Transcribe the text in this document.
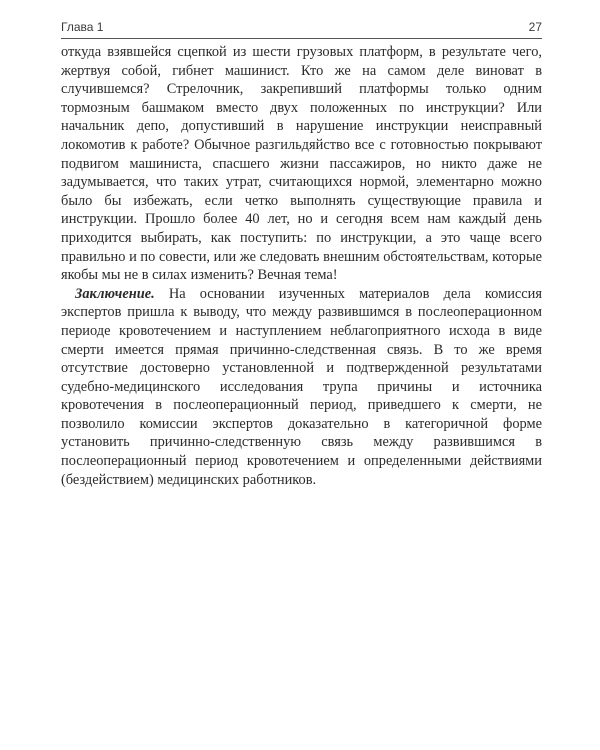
Глава 1	27

откуда взявшейся сцепкой из шести грузовых платформ, в результате чего, жертвуя собой, гибнет машинист. Кто же на самом деле виноват в случившемся? Стрелочник, закрепивший платформы только одним тормозным башмаком вместо двух положенных по инструкции? Или начальник депо, допустивший в нарушение инструкции неисправный локомотив к работе? Обычное разгильдяйство все с готовностью покрывают подвигом машиниста, спасшего жизни пассажиров, но никто даже не задумывается, что таких утрат, считающихся нормой, элементарно можно было бы избежать, если четко выполнять существующие правила и инструкции. Прошло более 40 лет, но и сегодня всем нам каждый день приходится выбирать, как поступить: по инструкции, а это чаще всего правильно и по совести, или же следовать внешним обстоятельствам, которые якобы мы не в силах изменить? Вечная тема!

Заключение. На основании изученных материалов дела комиссия экспертов пришла к выводу, что между развившимся в послеоперационном периоде кровотечением и наступлением неблагоприятного исхода в виде смерти имеется прямая причинно-следственная связь. В то же время отсутствие достоверно установленной и подтвержденной результатами судебно-медицинского исследования трупа причины и источника кровотечения в послеоперационный период, приведшего к смерти, не позволило комиссии экспертов доказательно в категоричной форме установить причинно-следственную связь между развившимся в послеоперационный период кровотечением и определенными действиями (бездействием) медицинских работников.
